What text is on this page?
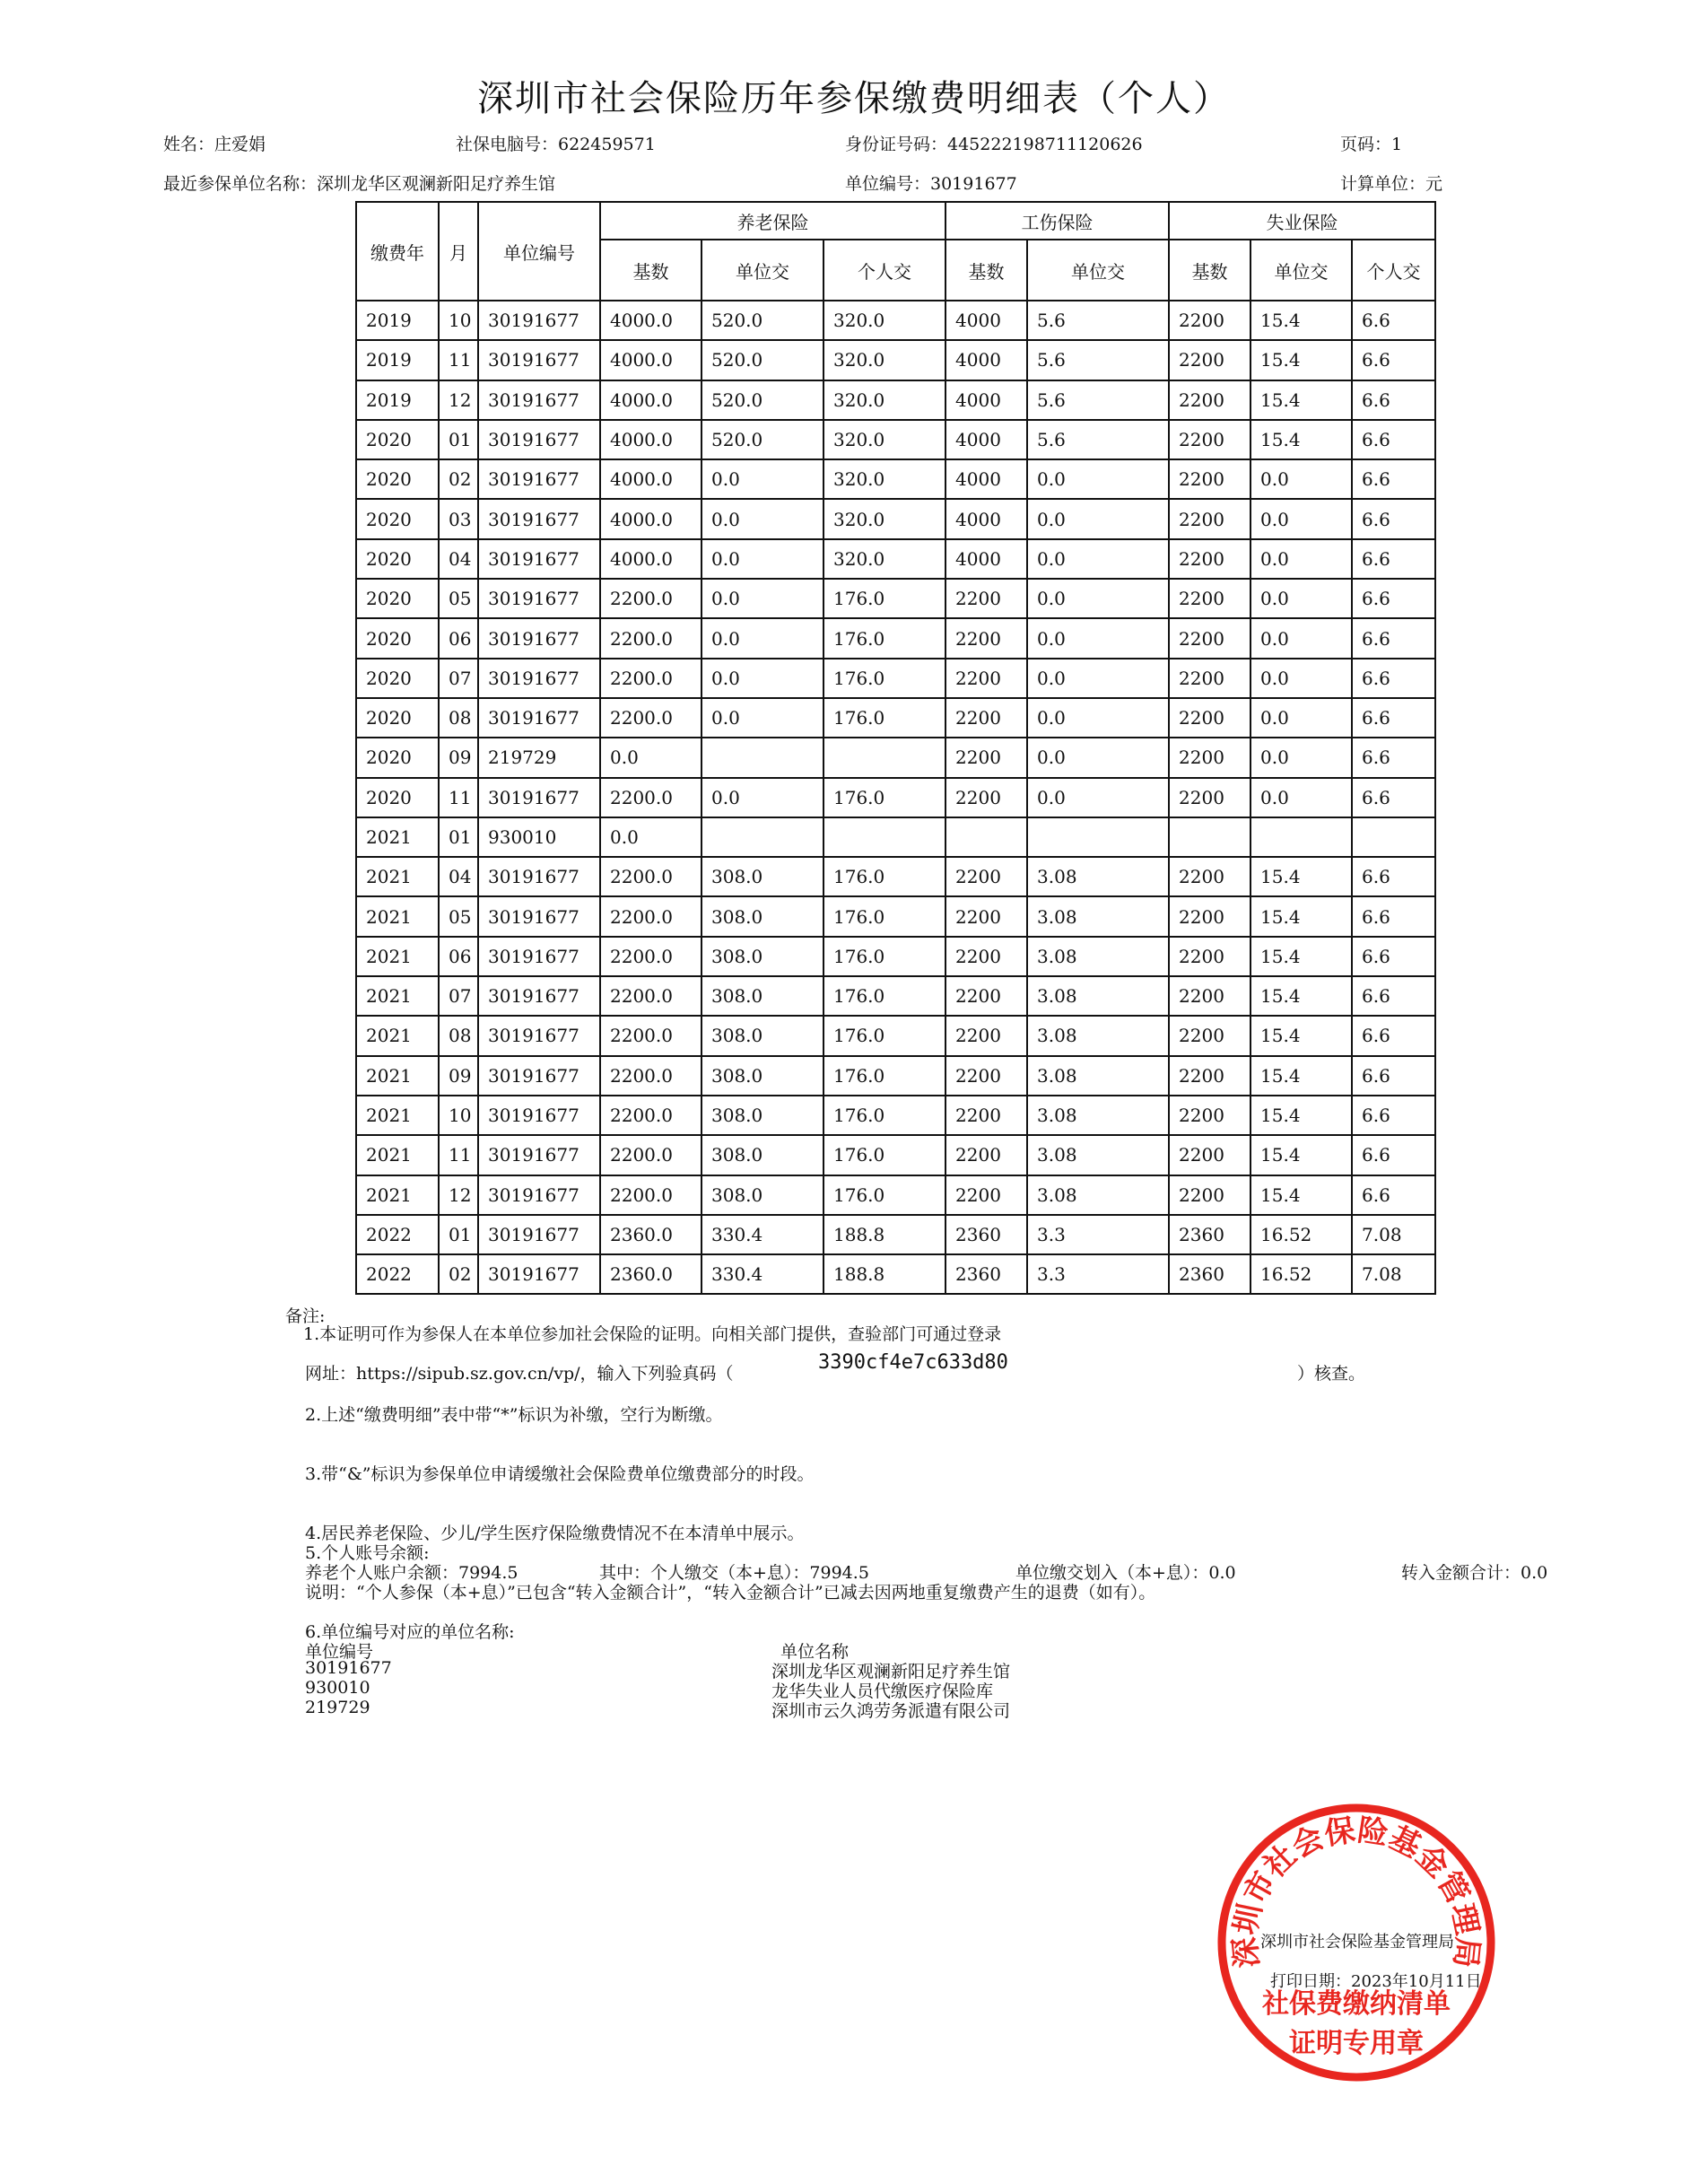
深圳市社会保险历年参保缴费明细表（个人）
姓名：庄爱娟	社保电脑号：622459571	身份证号码：445222198711120626	页码：1
最近参保单位名称：深圳龙华区观澜新阳足疗养生馆	单位编号：30191677	计算单位：元
缴费年	月	单位编号	养老保险			工伤保险		失业保险		
			基数	单位交	个人交	基数	单位交	基数	单位交	个人交
2019	10	30191677	4000.0	520.0	320.0	4000	5.6	2200	15.4	6.6
2019	11	30191677	4000.0	520.0	320.0	4000	5.6	2200	15.4	6.6
2019	12	30191677	4000.0	520.0	320.0	4000	5.6	2200	15.4	6.6
2020	01	30191677	4000.0	520.0	320.0	4000	5.6	2200	15.4	6.6
2020	02	30191677	4000.0	0.0	320.0	4000	0.0	2200	0.0	6.6
2020	03	30191677	4000.0	0.0	320.0	4000	0.0	2200	0.0	6.6
2020	04	30191677	4000.0	0.0	320.0	4000	0.0	2200	0.0	6.6
2020	05	30191677	2200.0	0.0	176.0	2200	0.0	2200	0.0	6.6
2020	06	30191677	2200.0	0.0	176.0	2200	0.0	2200	0.0	6.6
2020	07	30191677	2200.0	0.0	176.0	2200	0.0	2200	0.0	6.6
2020	08	30191677	2200.0	0.0	176.0	2200	0.0	2200	0.0	6.6
2020	09	219729	0.0			2200	0.0	2200	0.0	6.6
2020	11	30191677	2200.0	0.0	176.0	2200	0.0	2200	0.0	6.6
2021	01	930010	0.0							
2021	04	30191677	2200.0	308.0	176.0	2200	3.08	2200	15.4	6.6
2021	05	30191677	2200.0	308.0	176.0	2200	3.08	2200	15.4	6.6
2021	06	30191677	2200.0	308.0	176.0	2200	3.08	2200	15.4	6.6
2021	07	30191677	2200.0	308.0	176.0	2200	3.08	2200	15.4	6.6
2021	08	30191677	2200.0	308.0	176.0	2200	3.08	2200	15.4	6.6
2021	09	30191677	2200.0	308.0	176.0	2200	3.08	2200	15.4	6.6
2021	10	30191677	2200.0	308.0	176.0	2200	3.08	2200	15.4	6.6
2021	11	30191677	2200.0	308.0	176.0	2200	3.08	2200	15.4	6.6
2021	12	30191677	2200.0	308.0	176.0	2200	3.08	2200	15.4	6.6
2022	01	30191677	2360.0	330.4	188.8	2360	3.3	2360	16.52	7.08
2022	02	30191677	2360.0	330.4	188.8	2360	3.3	2360	16.52	7.08
备注:
1.本证明可作为参保人在本单位参加社会保险的证明。向相关部门提供，查验部门可通过登录
网址：https://sipub.sz.gov.cn/vp/，输入下列验真码（	3390cf4e7c633d80	）核查。
2.上述“缴费明细”表中带“*”标识为补缴，空行为断缴。
3.带“&”标识为参保单位申请缓缴社会保险费单位缴费部分的时段。
4.居民养老保险、少儿/学生医疗保险缴费情况不在本清单中展示。
5.个人账号余额:
养老个人账户余额：7994.5	其中：个人缴交（本+息）：7994.5	单位缴交划入（本+息）：0.0	转入金额合计：0.0
说明：“个人参保（本+息）”已包含“转入金额合计”，“转入金额合计”已减去因两地重复缴费产生的退费（如有）。
6.单位编号对应的单位名称:
单位编号	单位名称
30191677	深圳龙华区观澜新阳足疗养生馆
930010	龙华失业人员代缴医疗保险库
219729	深圳市云久鸿劳务派遣有限公司
深圳市社会保险基金管理局
社保费缴纳清单
证明专用章
深圳市社会保险基金管理局
打印日期：2023年10月11日
